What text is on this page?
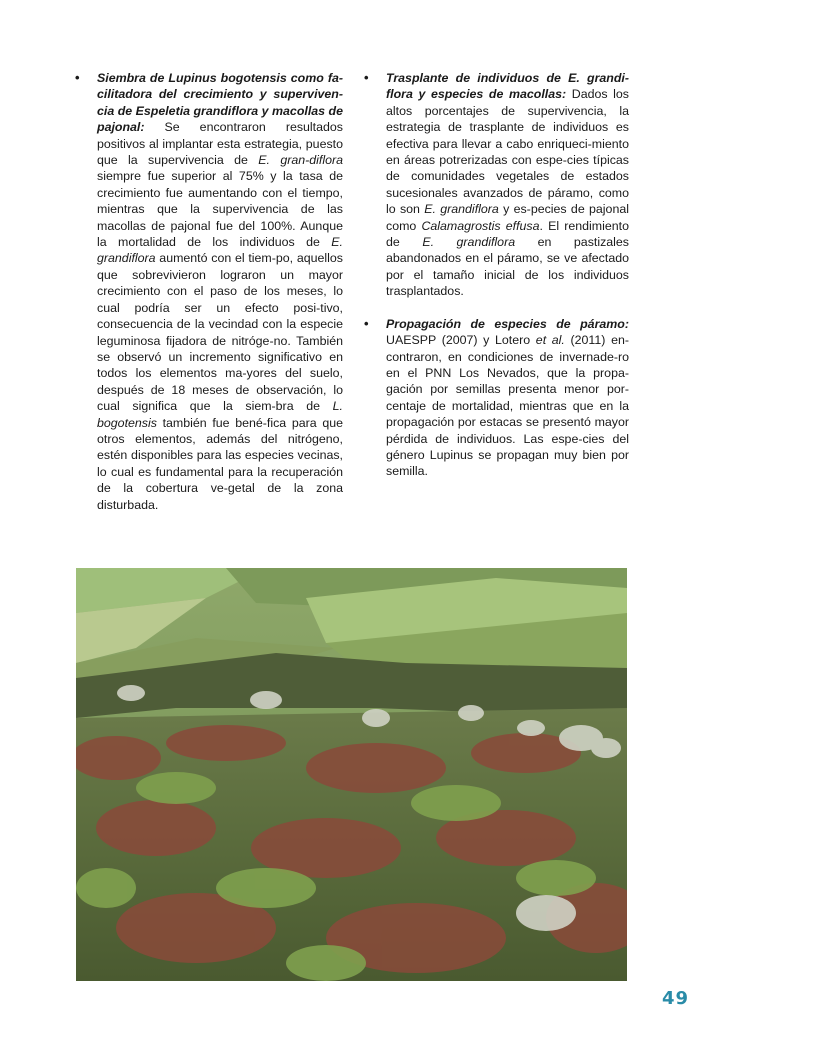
• Siembra de Lupinus bogotensis como fa-cilitadora del crecimiento y superviven-cia de Espeletia grandiflora y macollas de pajonal: Se encontraron resultados positivos al implantar esta estrategia, puesto que la supervivencia de E. gran-diflora siempre fue superior al 75% y la tasa de crecimiento fue aumentando con el tiempo, mientras que la supervivencia de las macollas de pajonal fue del 100%. Aunque la mortalidad de los individuos de E. grandiflora aumentó con el tiem-po, aquellos que sobrevivieron lograron un mayor crecimiento con el paso de los meses, lo cual podría ser un efecto posi-tivo, consecuencia de la vecindad con la especie leguminosa fijadora de nitróge-no. También se observó un incremento significativo en todos los elementos ma-yores del suelo, después de 18 meses de observación, lo cual significa que la siem-bra de L. bogotensis también fue bené-fica para que otros elementos, además del nitrógeno, estén disponibles para las especies vecinas, lo cual es fundamental para la recuperación de la cobertura ve-getal de la zona disturbada.

• Trasplante de individuos de E. grandi-flora y especies de macollas: Dados los altos porcentajes de supervivencia, la estrategia de trasplante de individuos es efectiva para llevar a cabo enriqueci-miento en áreas potrerizadas con espe-cies típicas de comunidades vegetales de estados sucesionales avanzados de páramo, como lo son E. grandiflora y es-pecies de pajonal como Calamagrostis effusa. El rendimiento de E. grandiflora en pastizales abandonados en el páramo, se ve afectado por el tamaño inicial de los individuos trasplantados.

• Propagación de especies de páramo: UAESPP (2007) y Lotero et al. (2011) en-contraron, en condiciones de invernade-ro en el PNN Los Nevados, que la propa-gación por semillas presenta menor por-centaje de mortalidad, mientras que en la propagación por estacas se presentó mayor pérdida de individuos. Las espe-cies del género Lupinus se propagan muy bien por semilla.

49
